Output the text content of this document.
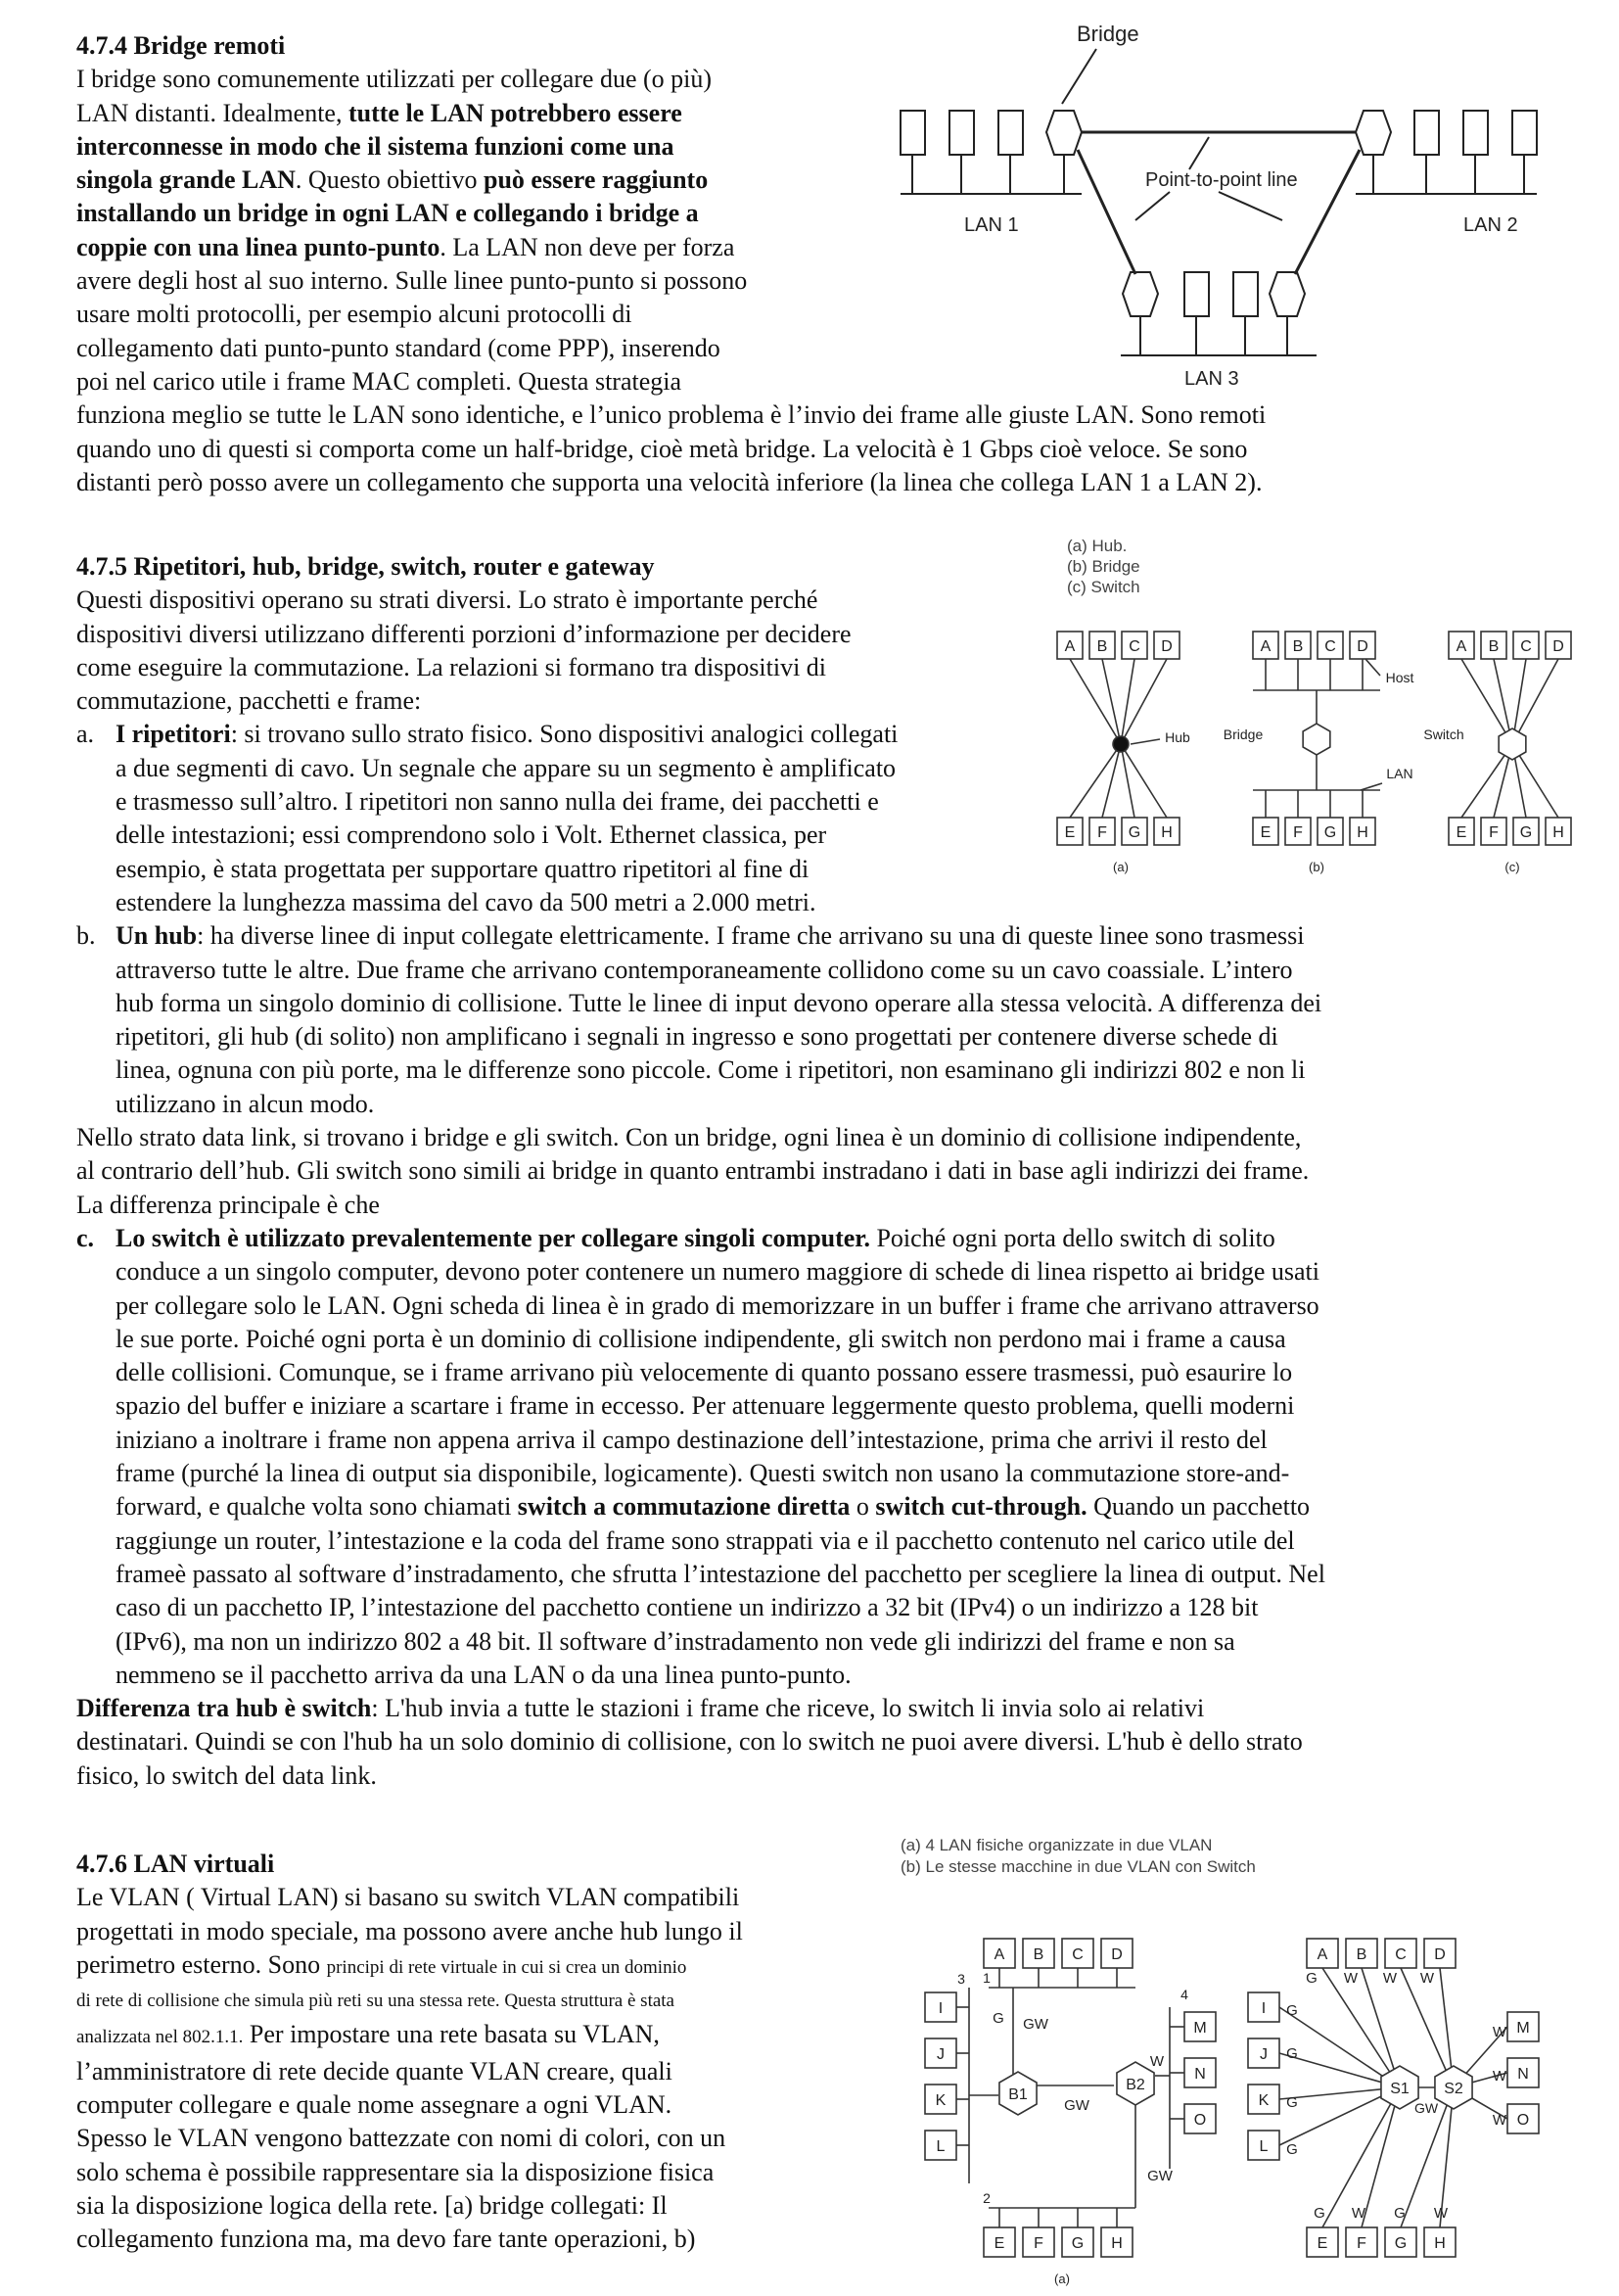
4.7.4 Bridge remoti

I bridge sono comunemente utilizzati per collegare due (o più)

LAN distanti. Idealmente, tutte le LAN potrebbero essere

interconnesse in modo che il sistema funzioni come una

singola grande LAN. Questo obiettivo può essere raggiunto

installando un bridge in ogni LAN e collegando i bridge a

coppie con una linea punto-punto. La LAN non deve per forza

avere degli host al suo interno. Sulle linee punto-punto si possono

usare molti protocolli, per esempio alcuni protocolli di

collegamento dati punto-punto standard (come PPP), inserendo

poi nel carico utile i frame MAC completi. Questa strategia

funziona meglio se tutte le LAN sono identiche, e l’unico problema è l’invio dei frame alle giuste LAN. Sono remoti

quando uno di questi si comporta come un half-bridge, cioè metà bridge. La velocità è 1 Gbps cioè veloce. Se sono

distanti però posso avere un collegamento che supporta una velocità inferiore (la linea che collega LAN 1 a LAN 2).

Bridge
Point-to-point line
LAN 1	LAN 2
LAN 3
4.7.5 Ripetitori, hub, bridge, switch, router e gateway

Questi dispositivi operano su strati diversi. Lo strato è importante perché

dispositivi diversi utilizzano differenti porzioni d’informazione per decidere

come eseguire la commutazione. La relazioni si formano tra dispositivi di

commutazione, pacchetti e frame:

a. I ripetitori: si trovano sullo strato fisico. Sono dispositivi analogici collegati

a due segmenti di cavo. Un segnale che appare su un segmento è amplificato

e trasmesso sull’altro. I ripetitori non sanno nulla dei frame, dei pacchetti e

delle intestazioni; essi comprendono solo i Volt. Ethernet classica, per

esempio, è stata progettata per supportare quattro ripetitori al fine di

estendere la lunghezza massima del cavo da 500 metri a 2.000 metri.

b. Un hub: ha diverse linee di input collegate elettricamente. I frame che arrivano su una di queste linee sono trasmessi

attraverso tutte le altre. Due frame che arrivano contemporaneamente collidono come su un cavo coassiale. L’intero

hub forma un singolo dominio di collisione. Tutte le linee di input devono operare alla stessa velocità. A differenza dei

ripetitori, gli hub (di solito) non amplificano i segnali in ingresso e sono progettati per contenere diverse schede di

linea, ognuna con più porte, ma le differenze sono piccole. Come i ripetitori, non esaminano gli indirizzi 802 e non li

utilizzano in alcun modo.

Nello strato data link, si trovano i bridge e gli switch. Con un bridge, ogni linea è un dominio di collisione indipendente,

al contrario dell’hub. Gli switch sono simili ai bridge in quanto entrambi instradano i dati in base agli indirizzi dei frame.

La differenza principale è che

c. Lo switch è utilizzato prevalentemente per collegare singoli computer. Poiché ogni porta dello switch di solito

conduce a un singolo computer, devono poter contenere un numero maggiore di schede di linea rispetto ai bridge usati

per collegare solo le LAN. Ogni scheda di linea è in grado di memorizzare in un buffer i frame che arrivano attraverso

le sue porte. Poiché ogni porta è un dominio di collisione indipendente, gli switch non perdono mai i frame a causa

delle collisioni. Comunque, se i frame arrivano più velocemente di quanto possano essere trasmessi, può esaurire lo

spazio del buffer e iniziare a scartare i frame in eccesso. Per attenuare leggermente questo problema, quelli moderni

iniziano a inoltrare i frame non appena arriva il campo destinazione dell’intestazione, prima che arrivi il resto del

frame (purché la linea di output sia disponibile, logicamente). Questi switch non usano la commutazione store-and-

forward, e qualche volta sono chiamati switch a commutazione diretta o switch cut-through. Quando un pacchetto

raggiunge un router, l’intestazione e la coda del frame sono strappati via e il pacchetto contenuto nel carico utile del

frameè passato al software d’instradamento, che sfrutta l’intestazione del pacchetto per scegliere la linea di output. Nel

caso di un pacchetto IP, l’intestazione del pacchetto contiene un indirizzo a 32 bit (IPv4) o un indirizzo a 128 bit

(IPv6), ma non un indirizzo 802 a 48 bit. Il software d’instradamento non vede gli indirizzi del frame e non sa

nemmeno se il pacchetto arriva da una LAN o da una linea punto-punto.

Differenza tra hub è switch: L'hub invia a tutte le stazioni i frame che riceve, lo switch li invia solo ai relativi

destinatari. Quindi se con l'hub ha un solo dominio di collisione, con lo switch ne puoi avere diversi. L'hub è dello strato

fisico, lo switch del data link.

(a) Hub.
(b) Bridge
(c) Switch
A B C D
E F G H
Hub
(a)
A B C D
E F G H
Bridge
Host
LAN
(b)
A B C D
E F G H
Switch
(c)
4.7.6 LAN virtuali

Le VLAN ( Virtual LAN) si basano su switch VLAN compatibili

progettati in modo speciale, ma possono avere anche hub lungo il

perimetro esterno. Sono principi di rete virtuale in cui si crea un dominio

di rete di collisione che simula più reti su una stessa rete. Questa struttura è stata

analizzata nel 802.1.1. Per impostare una rete basata su VLAN,

l’amministratore di rete decide quante VLAN creare, quali

computer collegare e quale nome assegnare a ogni VLAN.

Spesso le VLAN vengono battezzate con nomi di colori, con un

solo schema è possibile rappresentare sia la disposizione fisica

sia la disposizione logica della rete. [a) bridge collegati: Il

collegamento funziona ma, ma devo fare tante operazioni, b)

(a) 4 LAN fisiche organizzate in due VLAN
(b) Le stesse macchine in due VLAN con Switch
A B C D
I
J
K
L
M
N
O
E F G H
B1
B2
GW
GW
GW
G
W
1
3
4
2
(a)
A B C D
I
J
K
L
M
N
O
E F G H
S1 S2
GW
G W W W
G
G
G
G
W
W
W
G W G W
